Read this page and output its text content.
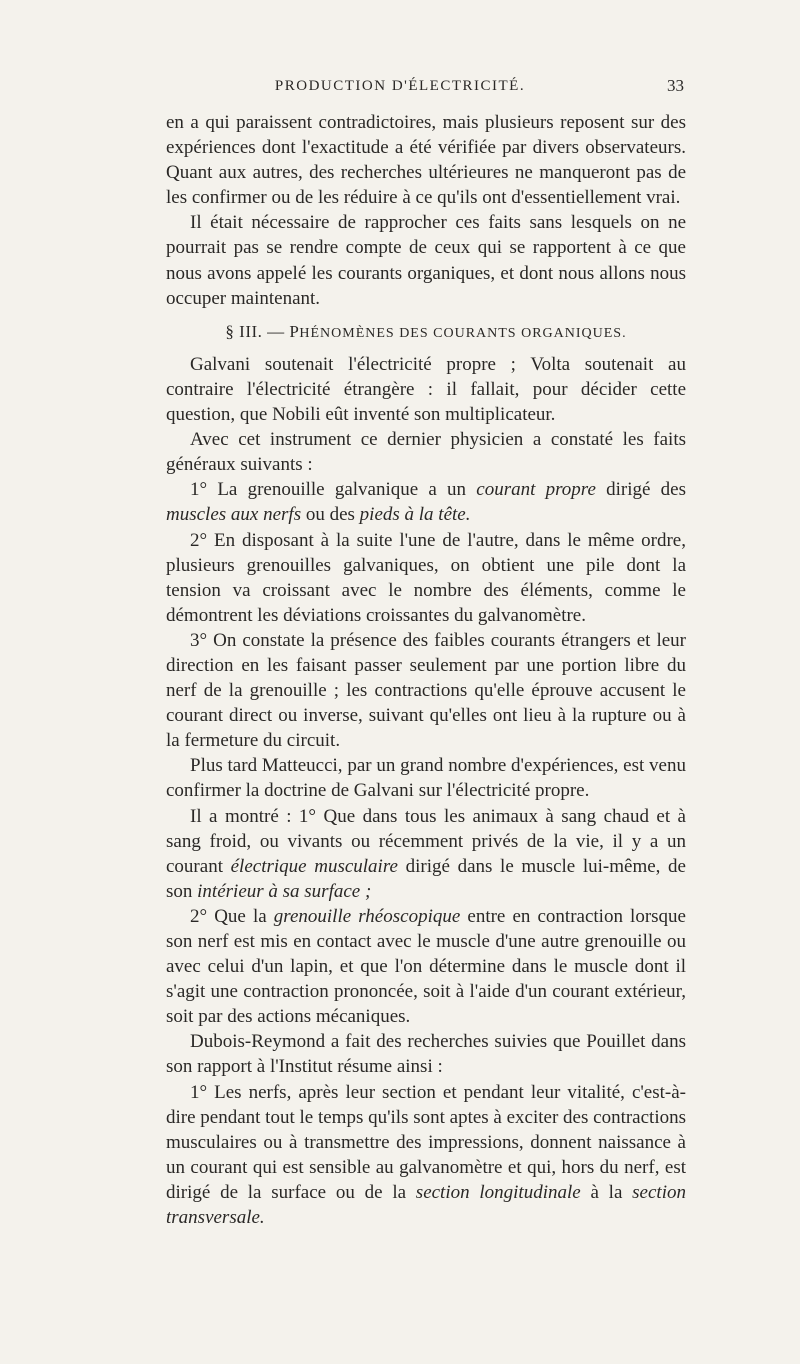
PRODUCTION D'ÉLECTRICITÉ.	33

en a qui paraissent contradictoires, mais plusieurs reposent sur des expériences dont l'exactitude a été vérifiée par divers observateurs. Quant aux autres, des recherches ultérieures ne manqueront pas de les confirmer ou de les réduire à ce qu'ils ont d'essentiellement vrai.

Il était nécessaire de rapprocher ces faits sans lesquels on ne pourrait pas se rendre compte de ceux qui se rapportent à ce que nous avons appelé les courants organiques, et dont nous allons nous occuper maintenant.

§ III. — PHÉNOMÈNES DES COURANTS ORGANIQUES.

Galvani soutenait l'électricité propre ; Volta soutenait au contraire l'électricité étrangère : il fallait, pour décider cette question, que Nobili eût inventé son multiplicateur.

Avec cet instrument ce dernier physicien a constaté les faits généraux suivants :

1° La grenouille galvanique a un courant propre dirigé des muscles aux nerfs ou des pieds à la tête.

2° En disposant à la suite l'une de l'autre, dans le même ordre, plusieurs grenouilles galvaniques, on obtient une pile dont la tension va croissant avec le nombre des éléments, comme le démontrent les déviations croissantes du galvanomètre.

3° On constate la présence des faibles courants étrangers et leur direction en les faisant passer seulement par une portion libre du nerf de la grenouille ; les contractions qu'elle éprouve accusent le courant direct ou inverse, suivant qu'elles ont lieu à la rupture ou à la fermeture du circuit.

Plus tard Matteucci, par un grand nombre d'expériences, est venu confirmer la doctrine de Galvani sur l'électricité propre.

Il a montré : 1° Que dans tous les animaux à sang chaud et à sang froid, ou vivants ou récemment privés de la vie, il y a un courant électrique musculaire dirigé dans le muscle lui-même, de son intérieur à sa surface ;

2° Que la grenouille rhéoscopique entre en contraction lorsque son nerf est mis en contact avec le muscle d'une autre grenouille ou avec celui d'un lapin, et que l'on détermine dans le muscle dont il s'agit une contraction prononcée, soit à l'aide d'un courant extérieur, soit par des actions mécaniques.

Dubois-Reymond a fait des recherches suivies que Pouillet dans son rapport à l'Institut résume ainsi :

1° Les nerfs, après leur section et pendant leur vitalité, c'est-à-dire pendant tout le temps qu'ils sont aptes à exciter des contractions musculaires ou à transmettre des impressions, donnent naissance à un courant qui est sensible au galvanomètre et qui, hors du nerf, est dirigé de la surface ou de la section longitudinale à la section transversale.
